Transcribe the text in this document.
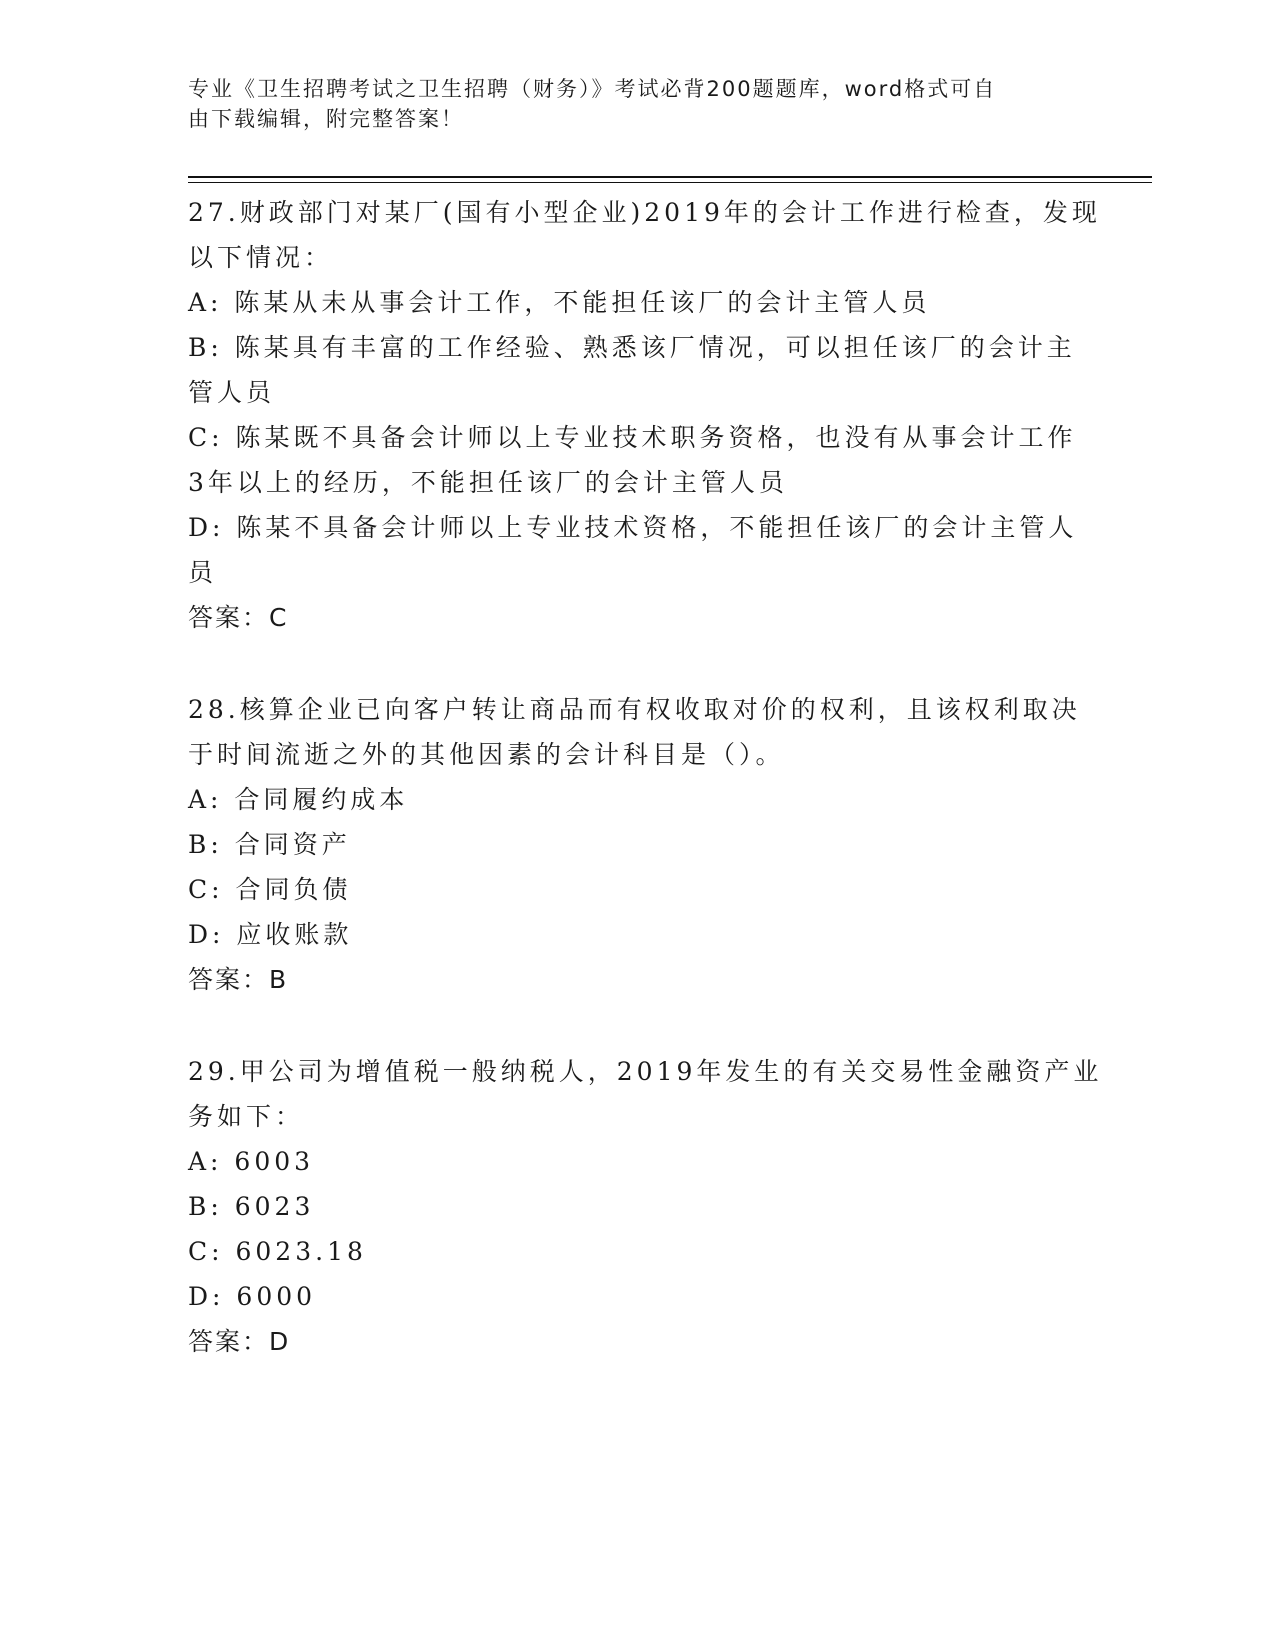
专业《卫生招聘考试之卫生招聘（财务）》考试必背200题题库，word格式可自
由下载编辑，附完整答案！
27.财政部门对某厂(国有小型企业)2019年的会计工作进行检查，发现
以下情况：
A: 陈某从未从事会计工作，不能担任该厂的会计主管人员
B: 陈某具有丰富的工作经验、熟悉该厂情况，可以担任该厂的会计主
管人员
C: 陈某既不具备会计师以上专业技术职务资格，也没有从事会计工作
3年以上的经历，不能担任该厂的会计主管人员
D: 陈某不具备会计师以上专业技术资格，不能担任该厂的会计主管人
员
答案：C
28.核算企业已向客户转让商品而有权收取对价的权利，且该权利取决
于时间流逝之外的其他因素的会计科目是（）。
A: 合同履约成本
B: 合同资产
C: 合同负债
D: 应收账款
答案：B
29.甲公司为增值税一般纳税人，2019年发生的有关交易性金融资产业
务如下：
A: 6003
B: 6023
C: 6023.18
D: 6000
答案：D
